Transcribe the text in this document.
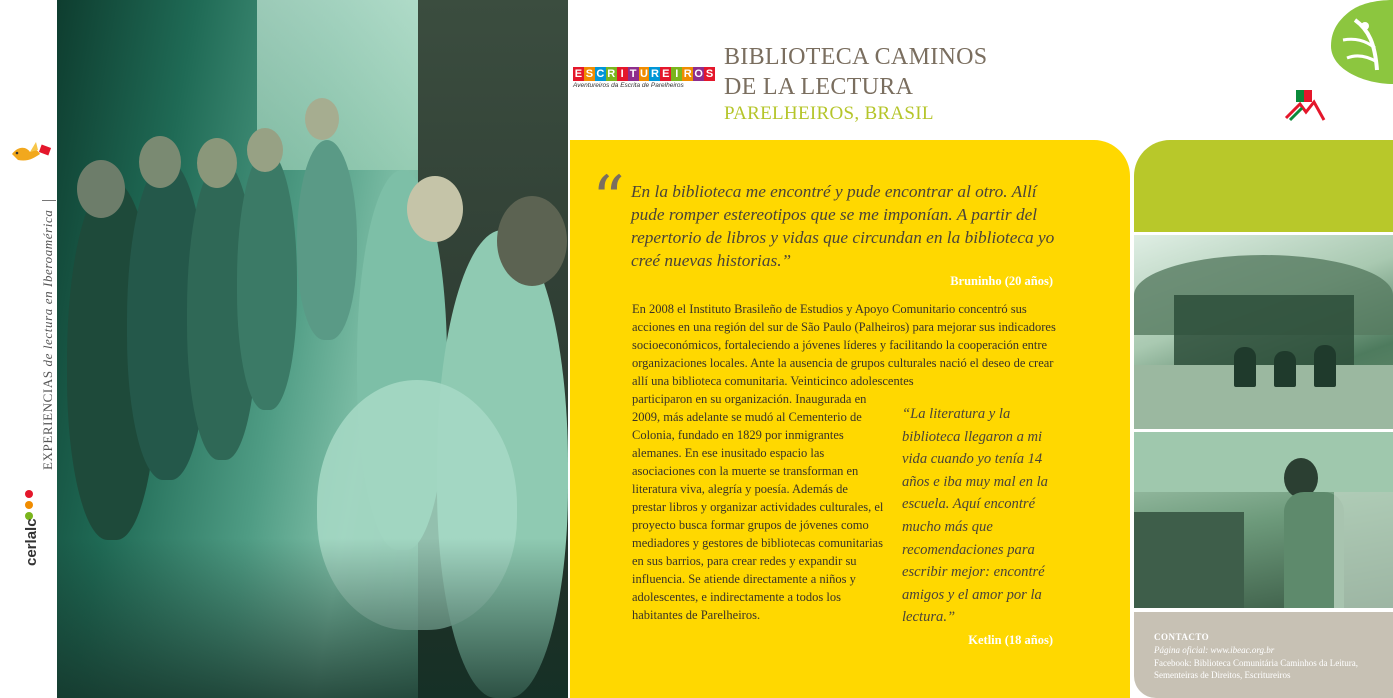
EXPERIENCIAS de lectura en Iberoamérica
cerlalc
E S C R I T U R E I R O S
Aventureiros da Escrita de Parelheiros
BIBLIOTECA CAMINOS
DE LA LECTURA
PARELHEIROS, BRASIL
“ En la biblioteca me encontré y pude encontrar al otro. Allí pude romper estereotipos que se me imponían. A partir del repertorio de libros y vidas que circundan en la biblioteca yo creé nuevas historias.”

Bruninho (20 años)

En 2008 el Instituto Brasileño de Estudios y Apoyo Comunitario concentró sus acciones en una región del sur de São Paulo (Palheiros) para mejorar sus indicadores socioeconómicos, fortaleciendo a jóvenes líderes y facilitando la cooperación entre organizaciones locales. Ante la ausencia de grupos culturales nació el deseo de crear allí una biblioteca comunitaria. Veinticinco adolescentes

participaron en su organización. Inaugurada en 2009, más adelante se mudó al Cementerio de Colonia, fundado en 1829 por inmigrantes alemanes. En ese inusitado espacio las asociaciones con la muerte se transforman en literatura viva, alegría y poesía. Además de prestar libros y organizar actividades culturales, el proyecto busca formar grupos de jóvenes como mediadores y gestores de bibliotecas comunitarias en sus barrios, para crear redes y expandir su influencia. Se atiende directamente a niños y adolescentes, e indirectamente a todos los habitantes de Parelheiros.

“La literatura y la biblioteca llegaron a mi vida cuando yo tenía 14 años e iba muy mal en la escuela. Aquí encontré mucho más que recomendaciones para escribir mejor: encontré amigos y el amor por la lectura.”

Ketlin (18 años)	CONTACTO
Página oficial: www.ibeac.org.br
Facebook: Biblioteca Comunitária Caminhos da Leitura, Sementeiras de Direitos, Escritureiros
